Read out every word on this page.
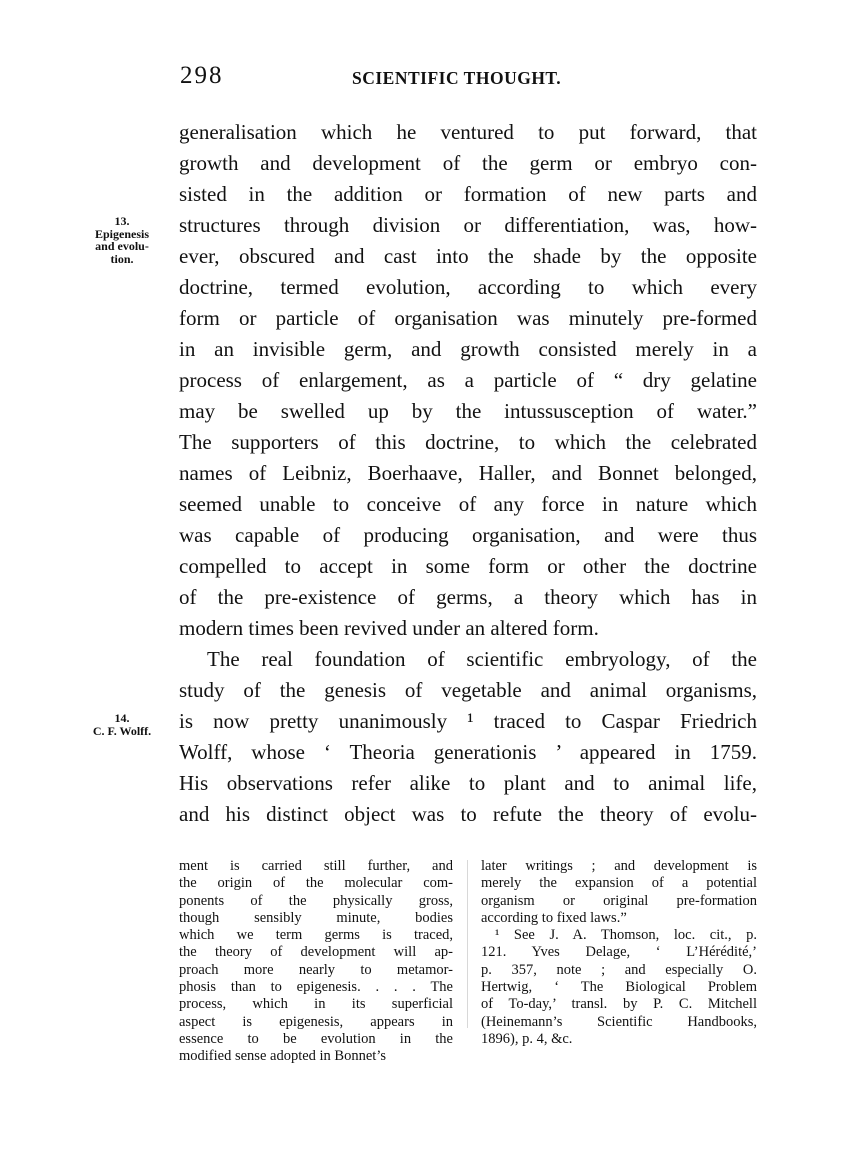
298	SCIENTIFIC THOUGHT.
13.
Epigenesis
and evolu-
tion.
14.
C. F. Wolff.
generalisation which he ventured to put forward, that
growth and development of the germ or embryo con-
sisted in the addition or formation of new parts and
structures through division or differentiation, was, how-
ever, obscured and cast into the shade by the opposite
doctrine, termed evolution, according to which every
form or particle of organisation was minutely pre-formed
in an invisible germ, and growth consisted merely in a
process of enlargement, as a particle of “ dry gelatine
may be swelled up by the intussusception of water.”
The supporters of this doctrine, to which the celebrated
names of Leibniz, Boerhaave, Haller, and Bonnet belonged,
seemed unable to conceive of any force in nature which
was capable of producing organisation, and were thus
compelled to accept in some form or other the doctrine
of the pre-existence of germs, a theory which has in
modern times been revived under an altered form.
The real foundation of scientific embryology, of the
study of the genesis of vegetable and animal organisms,
is now pretty unanimously ¹ traced to Caspar Friedrich
Wolff, whose ‘ Theoria generationis ’ appeared in 1759.
His observations refer alike to plant and to animal life,
and his distinct object was to refute the theory of evolu-
ment is carried still further, and
the origin of the molecular com-
ponents of the physically gross,
though sensibly minute, bodies
which we term germs is traced,
the theory of development will ap-
proach more nearly to metamor-
phosis than to epigenesis. . . . The
process, which in its superficial
aspect is epigenesis, appears in
essence to be evolution in the
modified sense adopted in Bonnet’s
later writings ; and development is
merely the expansion of a potential
organism or original pre-formation
according to fixed laws.”
¹ See J. A. Thomson, loc. cit., p.
121. Yves Delage, ‘ L’Hérédité,’
p. 357, note ; and especially O.
Hertwig, ‘ The Biological Problem
of To-day,’ transl. by P. C. Mitchell
(Heinemann’s Scientific Handbooks,
1896), p. 4, &c.
